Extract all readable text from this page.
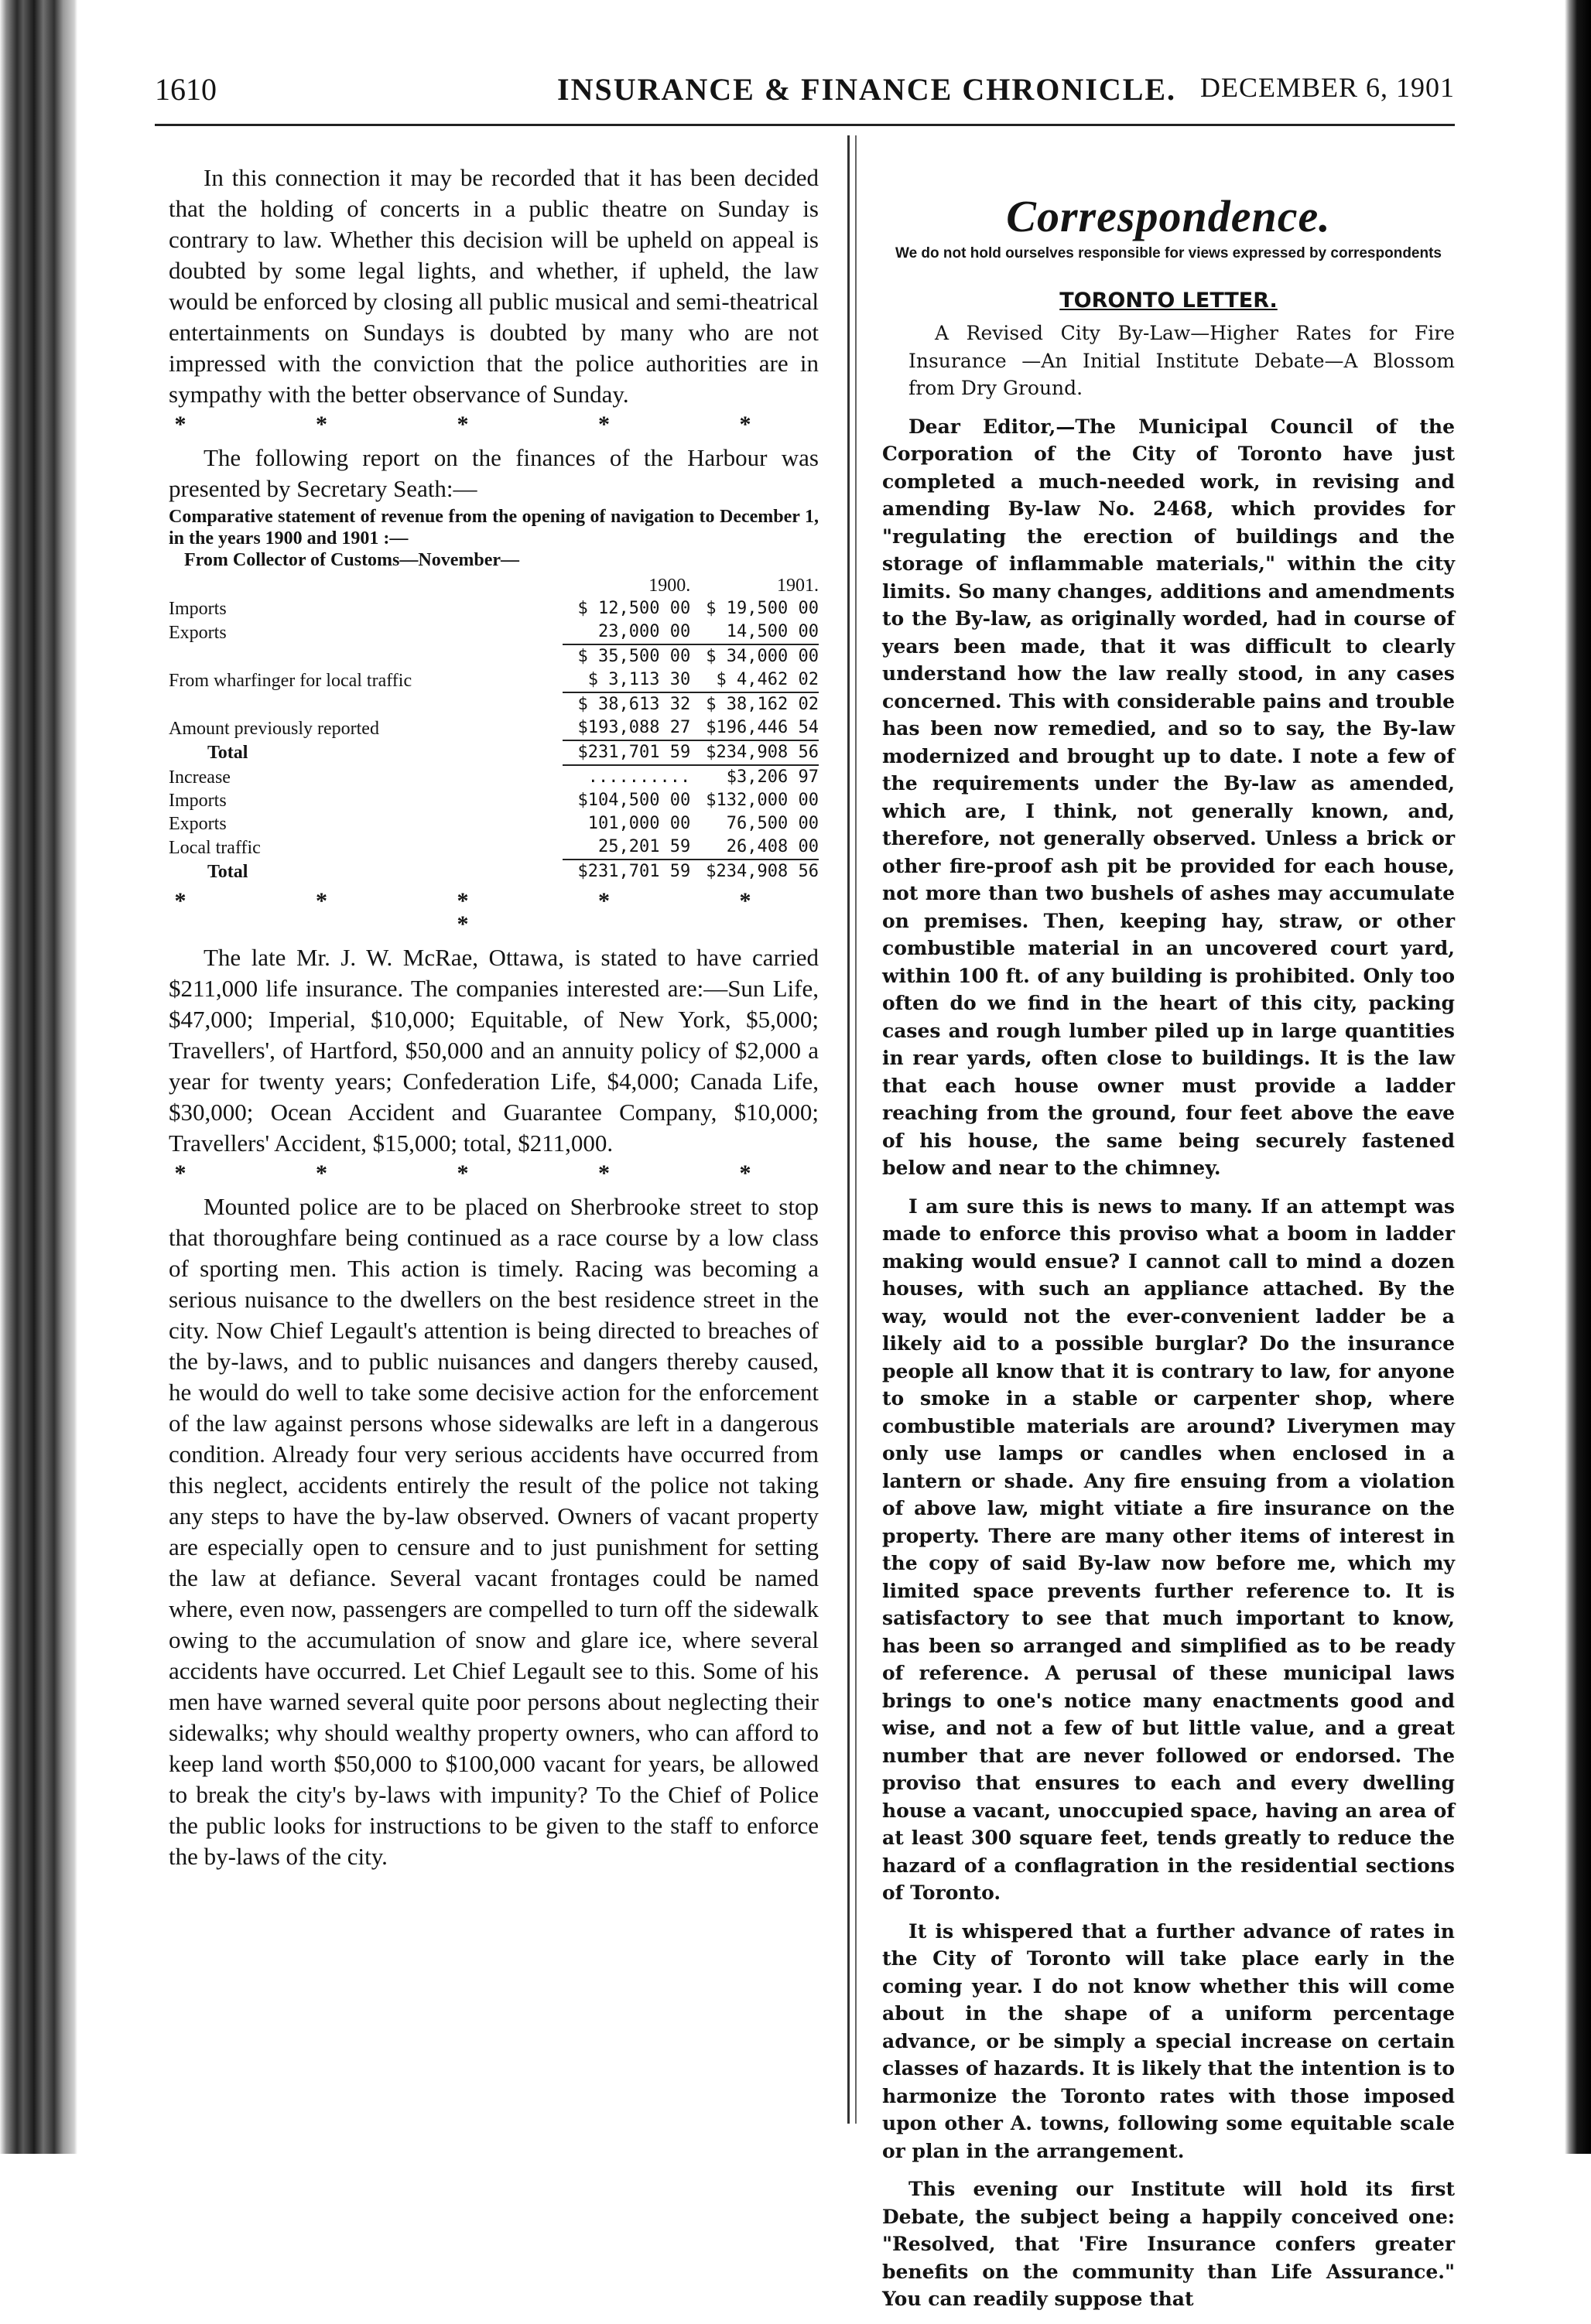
1610	INSURANCE & FINANCE CHRONICLE. DECEMBER 6, 1901

In this connection it may be recorded that it has been decided that the holding of concerts in a public theatre on Sunday is contrary to law. Whether this decision will be upheld on appeal is doubted by some legal lights, and whether, if upheld, the law would be enforced by closing all public musical and semi-theatrical entertainments on Sundays is doubted by many who are not impressed with the conviction that the police authorities are in sympathy with the better observance of Sunday.

* * * * *

The following report on the finances of the Harbour was presented by Secretary Seath:—

Comparative statement of revenue from the opening of navigation to December 1, in the years 1900 and 1901 :—
From Collector of Customs—November—
	1900.	1901.
Imports	$ 12,500 00	$ 19,500 00
Exports	23,000 00	14,500 00
	$ 35,500 00	$ 34,000 00
From wharfinger for local traffic	$ 3,113 30	$ 4,462 02
	$ 38,613 32	$ 38,162 02
Amount previously reported	$193,088 27	$196,446 54
Total	$231,701 59	$234,908 56
Increase	..........	$3,206 97
Imports	$104,500 00	$132,000 00
Exports	101,000 00	76,500 00
Local traffic	25,201 59	26,408 00
Total	$231,701 59	$234,908 56
* * * * * *

The late Mr. J. W. McRae, Ottawa, is stated to have carried $211,000 life insurance. The companies interested are:—Sun Life, $47,000; Imperial, $10,000; Equitable, of New York, $5,000; Travellers', of Hartford, $50,000 and an annuity policy of $2,000 a year for twenty years; Confederation Life, $4,000; Canada Life, $30,000; Ocean Accident and Guarantee Company, $10,000; Travellers' Accident, $15,000; total, $211,000.

* * * * *

Mounted police are to be placed on Sherbrooke street to stop that thoroughfare being continued as a race course by a low class of sporting men. This action is timely. Racing was becoming a serious nuisance to the dwellers on the best residence street in the city. Now Chief Legault's attention is being directed to breaches of the by-laws, and to public nuisances and dangers thereby caused, he would do well to take some decisive action for the enforcement of the law against persons whose sidewalks are left in a dangerous condition. Already four very serious accidents have occurred from this neglect, accidents entirely the result of the police not taking any steps to have the by-law observed. Owners of vacant property are especially open to censure and to just punishment for setting the law at defiance. Several vacant frontages could be named where, even now, passengers are compelled to turn off the sidewalk owing to the accumulation of snow and glare ice, where several accidents have occurred. Let Chief Legault see to this. Some of his men have warned several quite poor persons about neglecting their sidewalks; why should wealthy property owners, who can afford to keep land worth $50,000 to $100,000 vacant for years, be allowed to break the city's by-laws with impunity? To the Chief of Police the public looks for instructions to be given to the staff to enforce the by-laws of the city.

Correspondence.
We do not hold ourselves responsible for views expressed by correspondents
TORONTO LETTER.

A Revised City By-Law—Higher Rates for Fire Insurance —An Initial Institute Debate—A Blossom from Dry Ground.

Dear Editor,—The Municipal Council of the Corporation of the City of Toronto have just completed a much-needed work, in revising and amending By-law No. 2468, which provides for "regulating the erection of buildings and the storage of inflammable materials," within the city limits. So many changes, additions and amendments to the By-law, as originally worded, had in course of years been made, that it was difficult to clearly understand how the law really stood, in any cases concerned. This with considerable pains and trouble has been now remedied, and so to say, the By-law modernized and brought up to date. I note a few of the requirements under the By-law as amended, which are, I think, not generally known, and, therefore, not generally observed. Unless a brick or other fire-proof ash pit be provided for each house, not more than two bushels of ashes may accumulate on premises. Then, keeping hay, straw, or other combustible material in an uncovered court yard, within 100 ft. of any building is prohibited. Only too often do we find in the heart of this city, packing cases and rough lumber piled up in large quantities in rear yards, often close to buildings. It is the law that each house owner must provide a ladder reaching from the ground, four feet above the eave of his house, the same being securely fastened below and near to the chimney.

I am sure this is news to many. If an attempt was made to enforce this proviso what a boom in ladder making would ensue? I cannot call to mind a dozen houses, with such an appliance attached. By the way, would not the ever-convenient ladder be a likely aid to a possible burglar? Do the insurance people all know that it is contrary to law, for anyone to smoke in a stable or carpenter shop, where combustible materials are around? Liverymen may only use lamps or candles when enclosed in a lantern or shade. Any fire ensuing from a violation of above law, might vitiate a fire insurance on the property. There are many other items of interest in the copy of said By-law now before me, which my limited space prevents further reference to. It is satisfactory to see that much important to know, has been so arranged and simplified as to be ready of reference. A perusal of these municipal laws brings to one's notice many enactments good and wise, and not a few of but little value, and a great number that are never followed or endorsed. The proviso that ensures to each and every dwelling house a vacant, unoccupied space, having an area of at least 300 square feet, tends greatly to reduce the hazard of a conflagration in the residential sections of Toronto.

It is whispered that a further advance of rates in the City of Toronto will take place early in the coming year. I do not know whether this will come about in the shape of a uniform percentage advance, or be simply a special increase on certain classes of hazards. It is likely that the intention is to harmonize the Toronto rates with those imposed upon other A. towns, following some equitable scale or plan in the arrangement.

This evening our Institute will hold its first Debate, the subject being a happily conceived one: "Resolved, that 'Fire Insurance confers greater benefits on the community than Life Assurance." You can readily suppose that
